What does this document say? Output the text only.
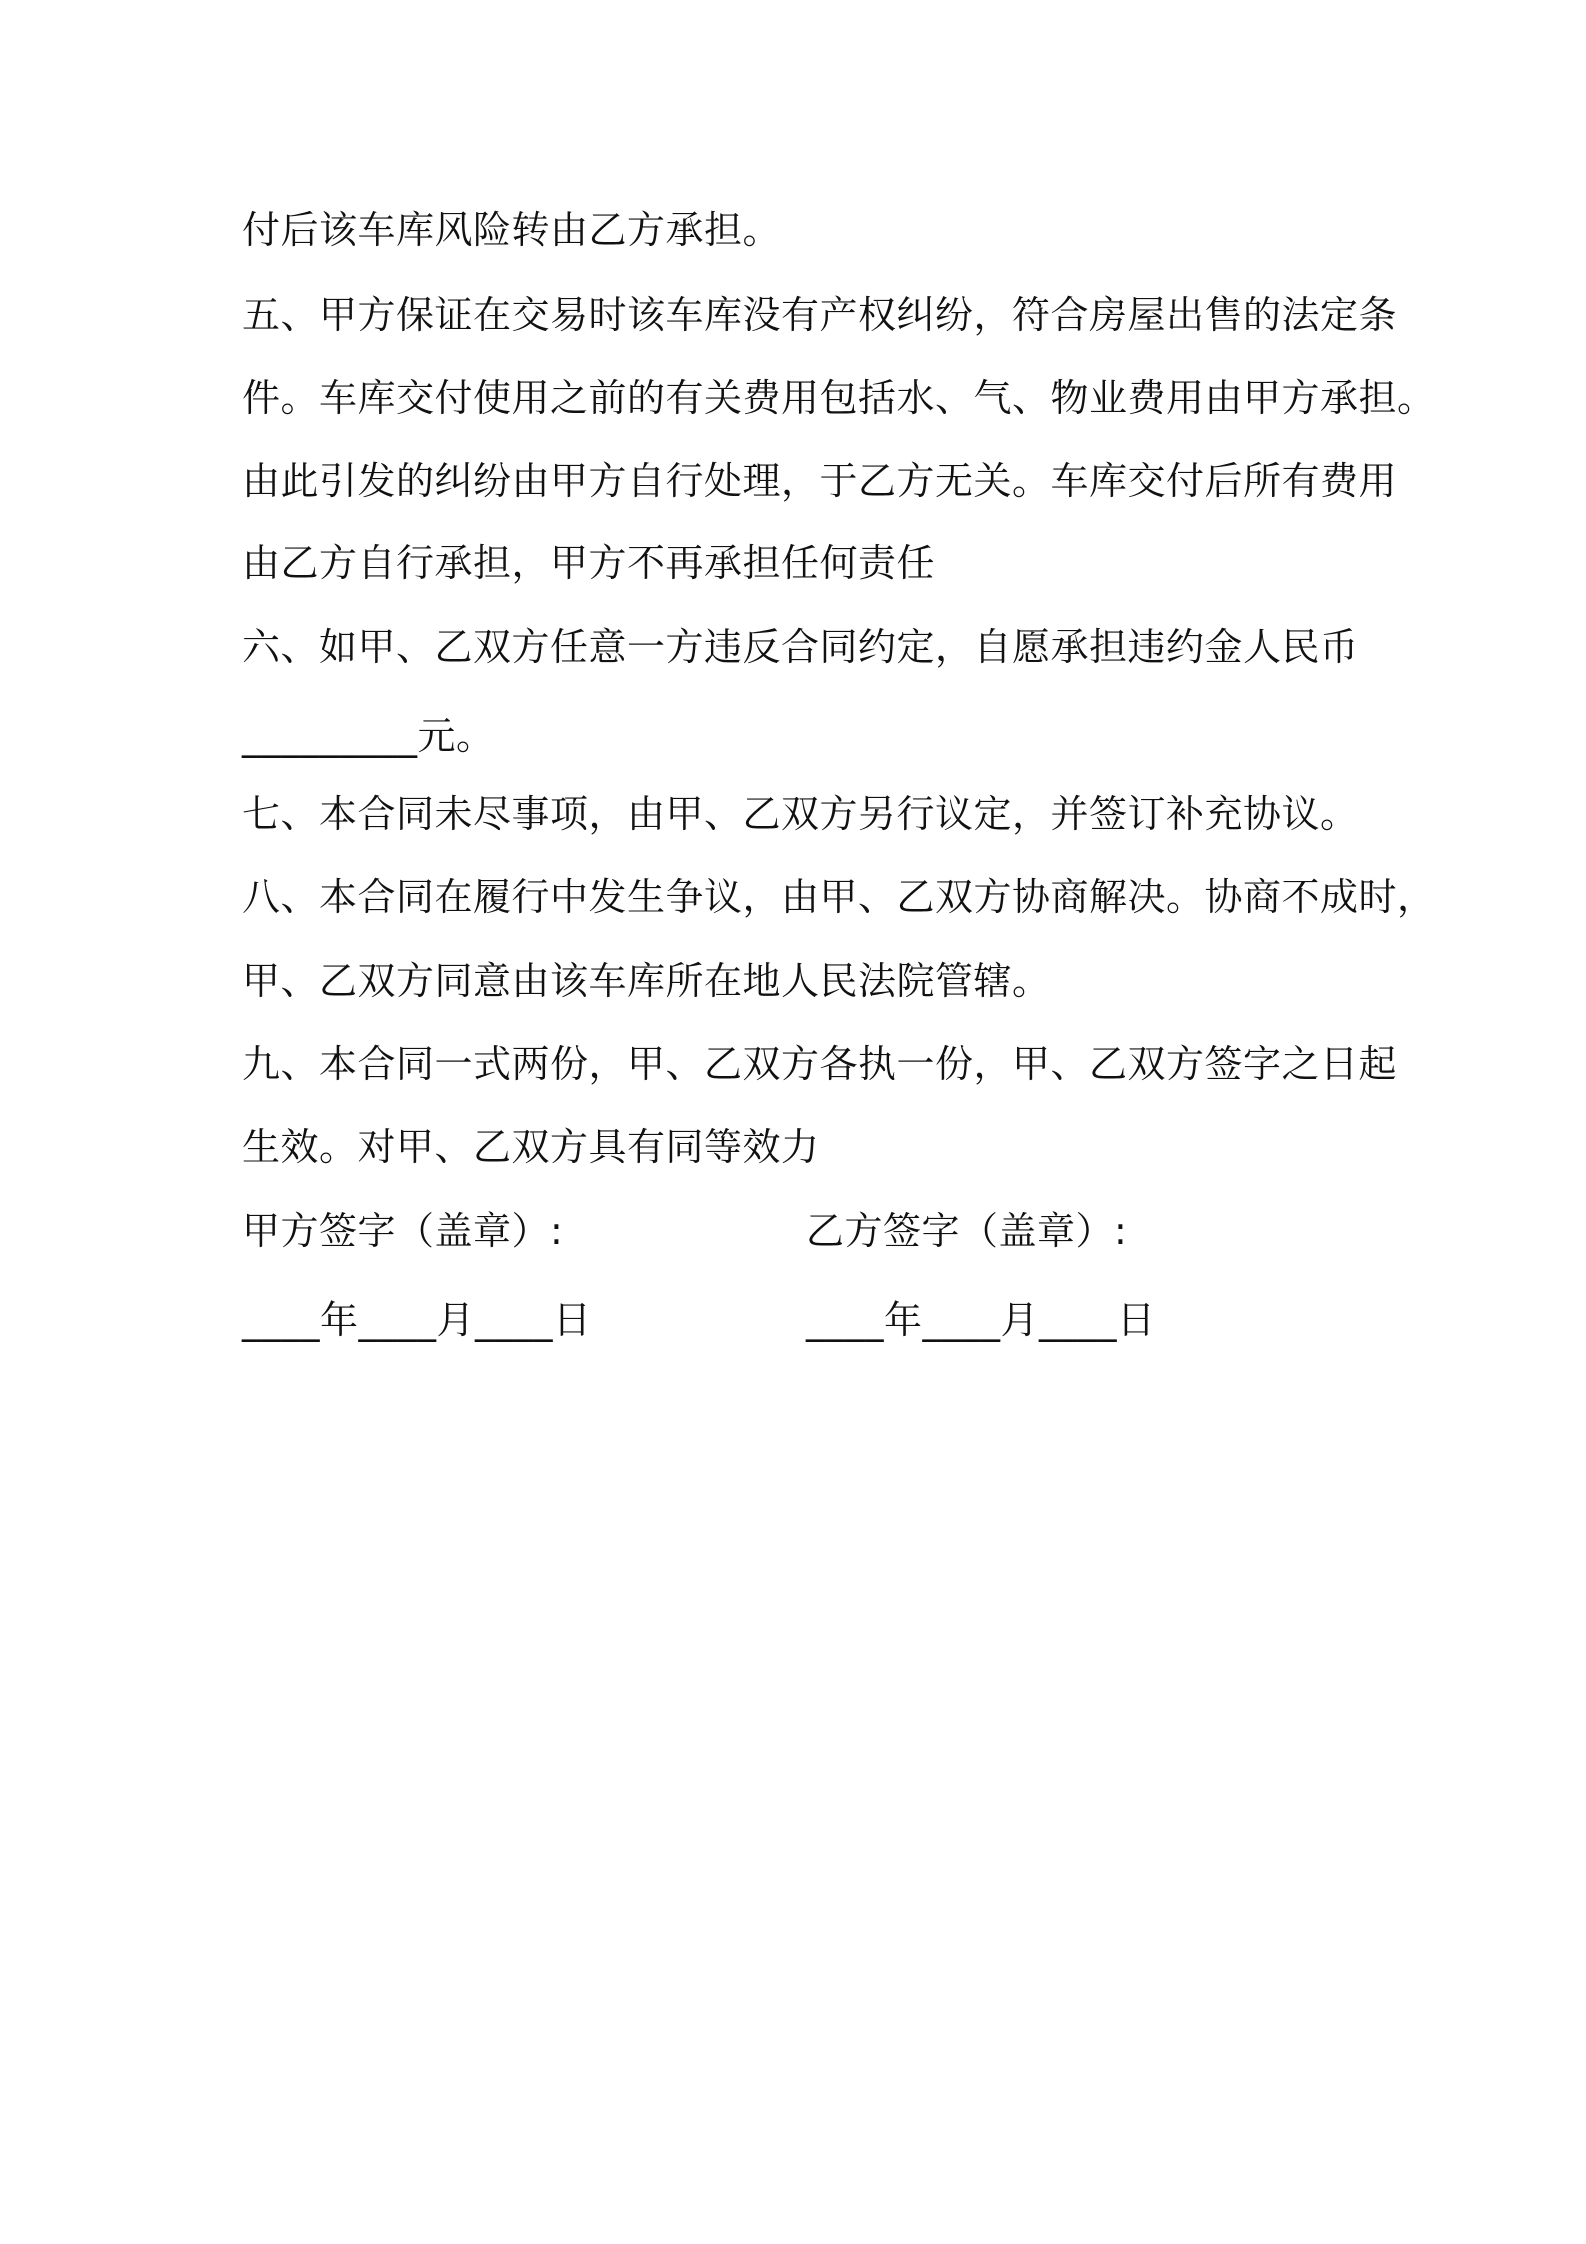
付后该车库风险转由乙方承担。
五、甲方保证在交易时该车库没有产权纠纷，符合房屋出售的法定条
件。车库交付使用之前的有关费用包括水、气、物业费用由甲方承担。
由此引发的纠纷由甲方自行处理，于乙方无关。车库交付后所有费用
由乙方自行承担，甲方不再承担任何责任
六、如甲、乙双方任意一方违反合同约定，自愿承担违约金人民币
_________元。
七、本合同未尽事项，由甲、乙双方另行议定，并签订补充协议。
八、本合同在履行中发生争议，由甲、乙双方协商解决。协商不成时，
甲、乙双方同意由该车库所在地人民法院管辖。
九、本合同一式两份，甲、乙双方各执一份，甲、乙双方签字之日起
生效。对甲、乙双方具有同等效力
甲方签字（盖章）:	乙方签字（盖章）:
____年____月____日	____年____月____日
